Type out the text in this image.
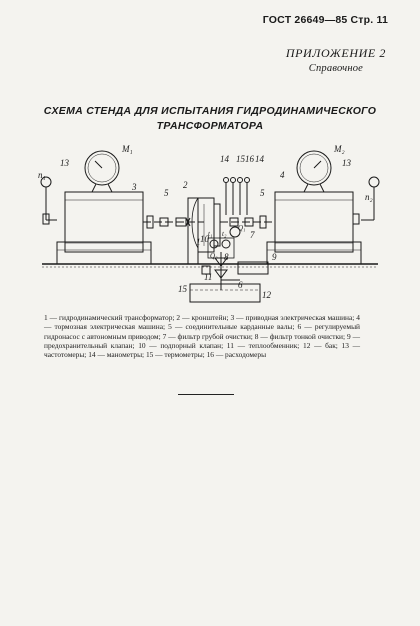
ГОСТ 26649—85 Стр. 11
ПРИЛОЖЕНИЕ 2
Справочное
СХЕМА СТЕНДА ДЛЯ ИСПЫТАНИЯ ГИДРОДИНАМИЧЕСКОГО
ТРАНСФОРМАТОРА
M₁	M₂
n₁
n₂
13	13
3
4
2
5	5
14 15 16 14
1 10
9
11
12
15
7
8
6
Q₁
Q₂
t₁ t₂
1 — гидродинамический трансформатор; 2 — кронштейн; 3 — приводная электрическая машина; 4 — тормозная электрическая машина; 5 — соединительные карданные валы; 6 — регулируемый гидронасос с автономным приводом; 7 — фильтр грубой очистки; 8 — фильтр тонкой очистки; 9 — предохранительный клапан; 10 — подпорный клапан; 11 — теплообменник; 12 — бак; 13 — частотомеры; 14 — манометры; 15 — термометры; 16 — расходомеры
